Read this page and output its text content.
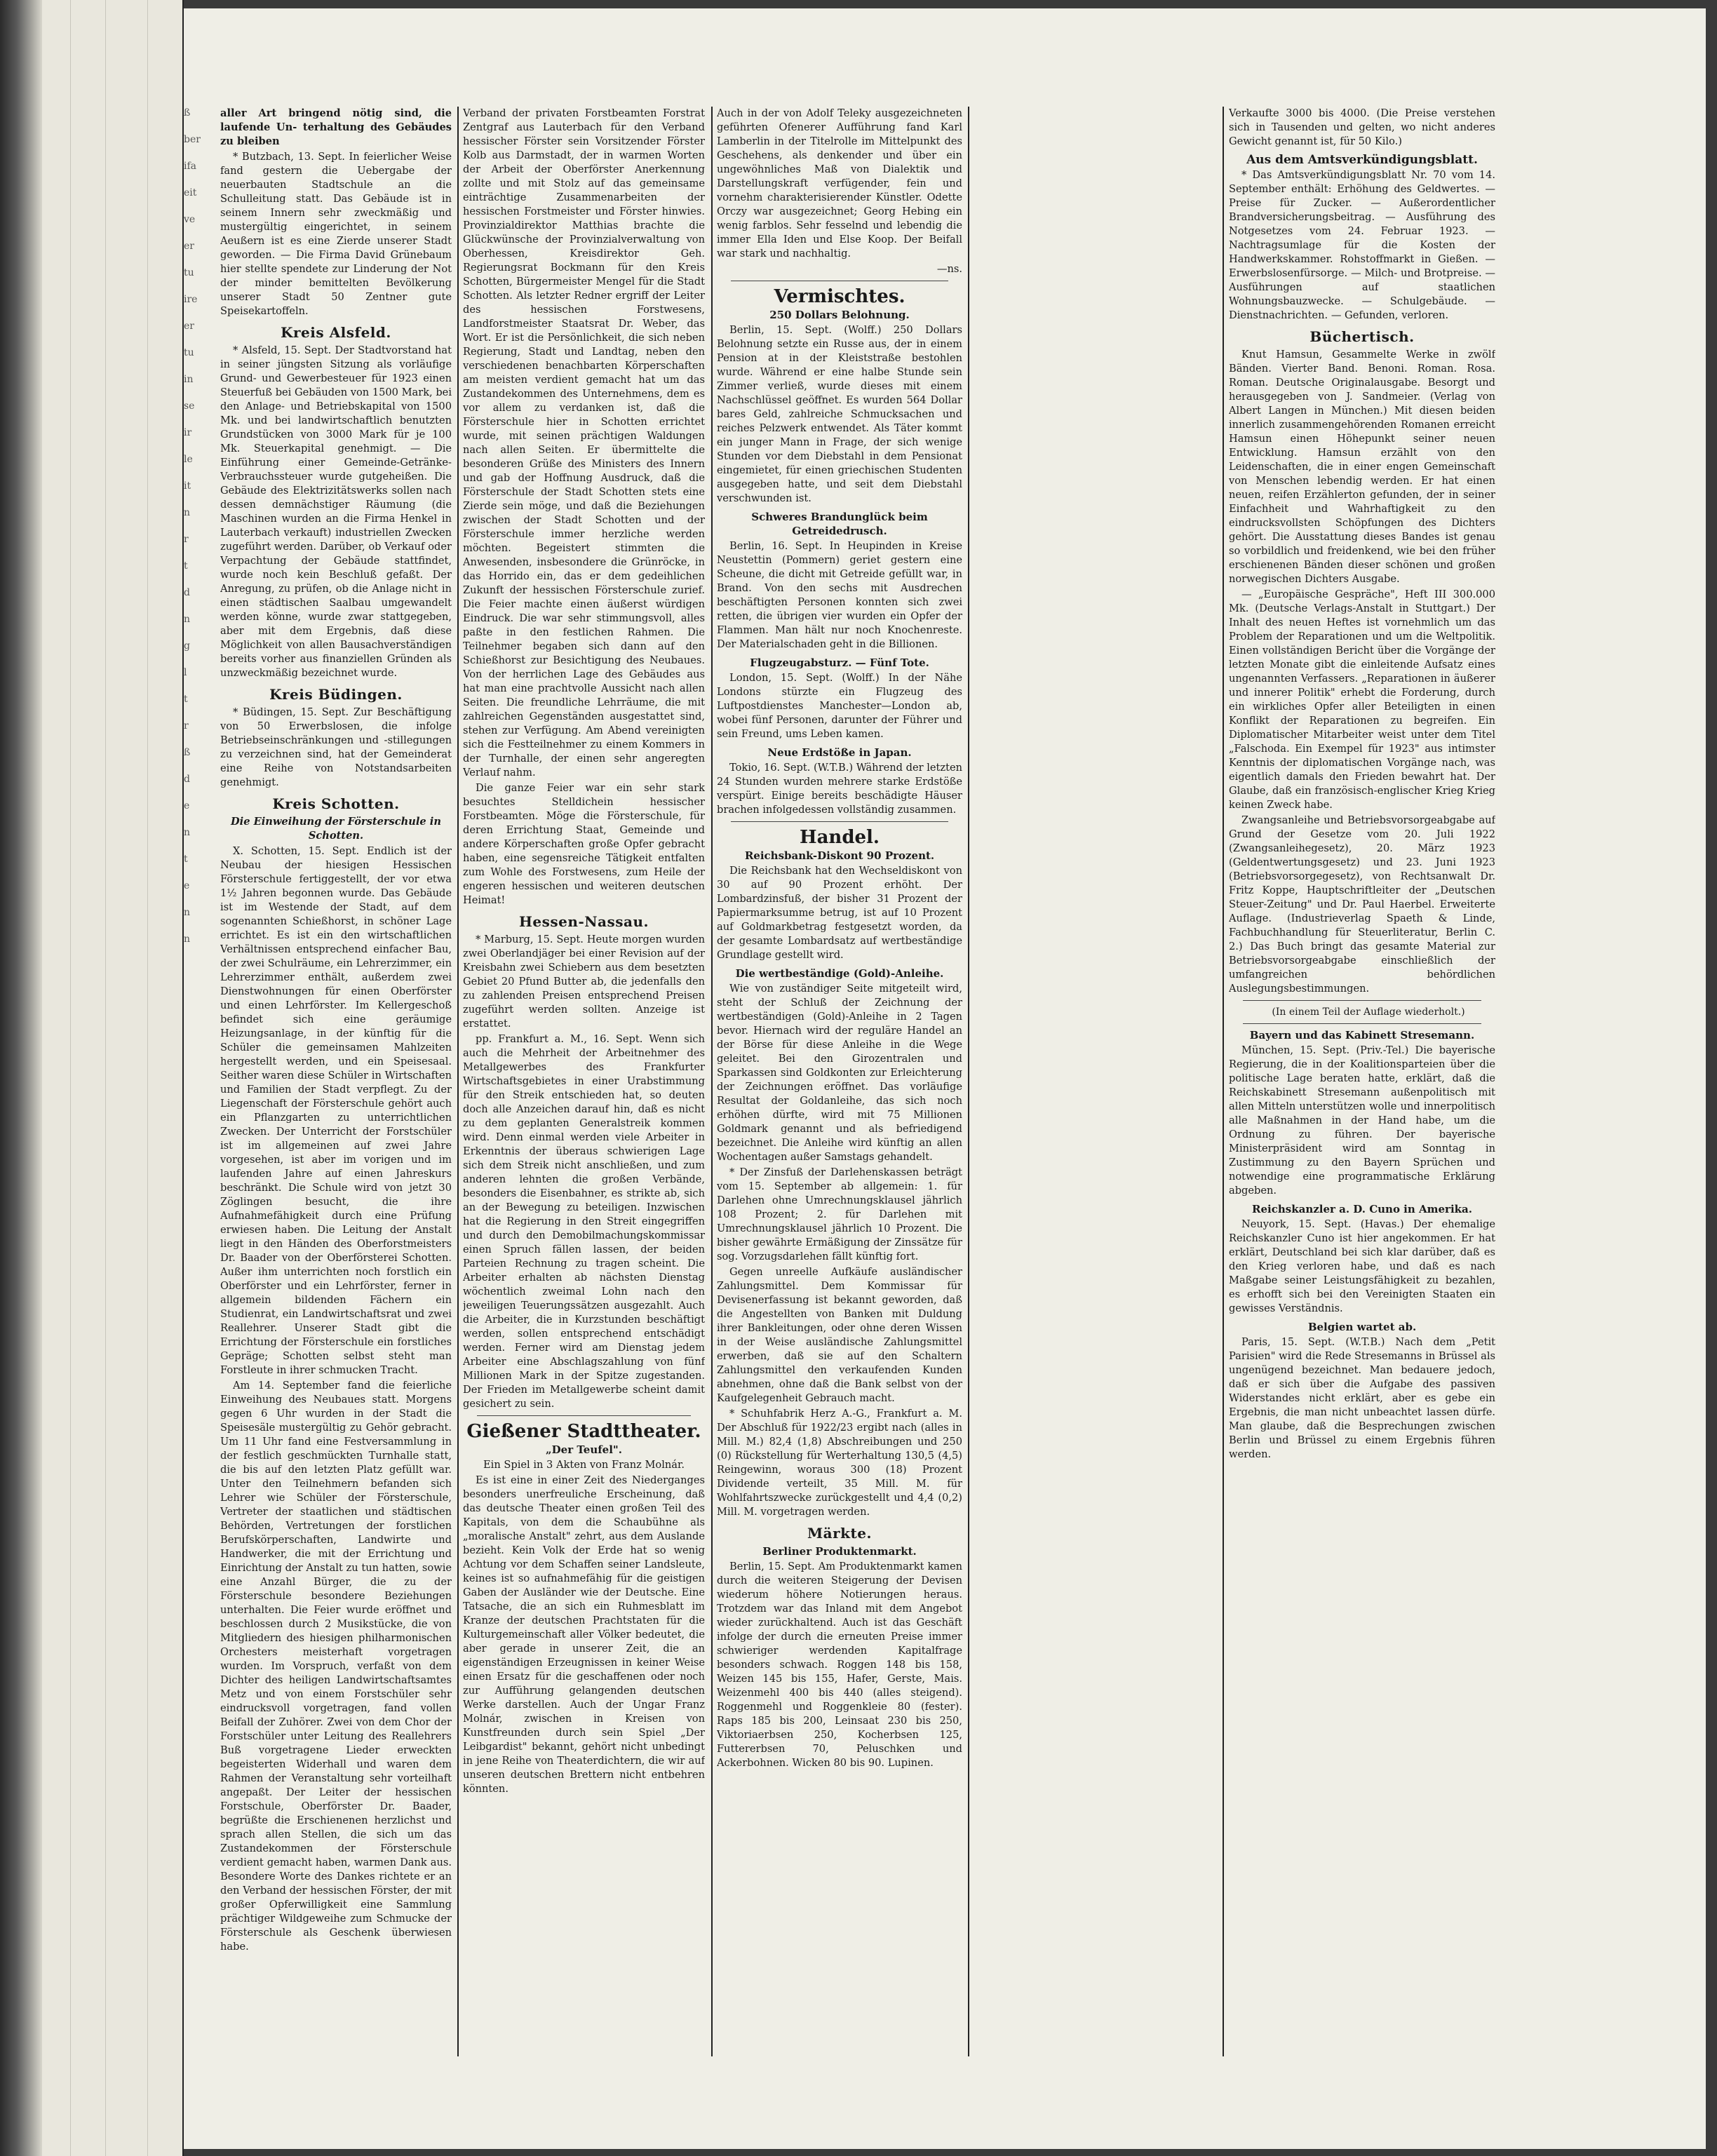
ß
ber
ifa
eit
ve
er
tu
ire
er
tu
in
se
ir
le
it
n
r
t
d
n
g
l
t
r
ß
d
e
n
t
e
n
n

aller Art bringend nötig sind, die laufende Un- terhaltung des Gebäudes zu bleiben

* Butzbach, 13. Sept. In feierlicher Weise fand gestern die Uebergabe der neuerbauten Stadtschule an die Schulleitung statt. Das Gebäude ist in seinem Innern sehr zweckmäßig und mustergültig eingerichtet, in seinem Aeußern ist es eine Zierde unserer Stadt geworden. — Die Firma David Grünebaum hier stellte spendete zur Linderung der Not der minder bemittelten Bevölkerung unserer Stadt 50 Zentner gute Speisekartoffeln.

Kreis Alsfeld.

* Alsfeld, 15. Sept. Der Stadtvorstand hat in seiner jüngsten Sitzung als vorläufige Grund- und Gewerbesteuer für 1923 einen Steuerfuß bei Gebäuden von 1500 Mark, bei den Anlage- und Betriebskapital von 1500 Mk. und bei landwirtschaftlich benutzten Grundstücken von 3000 Mark für je 100 Mk. Steuerkapital genehmigt. — Die Einführung einer Gemeinde-Getränke-Verbrauchssteuer wurde gutgeheißen. Die Gebäude des Elektrizitätswerks sollen nach dessen demnächstiger Räumung (die Maschinen wurden an die Firma Henkel in Lauterbach verkauft) industriellen Zwecken zugeführt werden. Darüber, ob Verkauf oder Verpachtung der Gebäude stattfindet, wurde noch kein Beschluß gefaßt. Der Anregung, zu prüfen, ob die Anlage nicht in einen städtischen Saalbau umgewandelt werden könne, wurde zwar stattgegeben, aber mit dem Ergebnis, daß diese Möglichkeit von allen Bausachverständigen bereits vorher aus finanziellen Gründen als unzweckmäßig bezeichnet wurde.

Kreis Büdingen.

* Büdingen, 15. Sept. Zur Beschäftigung von 50 Erwerbslosen, die infolge Betriebseinschränkungen und -stillegungen zu verzeichnen sind, hat der Gemeinderat eine Reihe von Notstandsarbeiten genehmigt.

Kreis Schotten.
Die Einweihung der Försterschule in Schotten.

X. Schotten, 15. Sept. Endlich ist der Neubau der hiesigen Hessischen Försterschule fertiggestellt, der vor etwa 1½ Jahren begonnen wurde. Das Gebäude ist im Westende der Stadt, auf dem sogenannten Schießhorst, in schöner Lage errichtet. Es ist ein den wirtschaftlichen Verhältnissen entsprechend einfacher Bau, der zwei Schulräume, ein Lehrerzimmer, ein Lehrerzimmer enthält, außerdem zwei Dienstwohnungen für einen Oberförster und einen Lehrförster. Im Kellergeschoß befindet sich eine geräumige Heizungsanlage, in der künftig für die Schüler die gemeinsamen Mahlzeiten hergestellt werden, und ein Speisesaal. Seither waren diese Schüler in Wirtschaften und Familien der Stadt verpflegt. Zu der Liegenschaft der Försterschule gehört auch ein Pflanzgarten zu unterrichtlichen Zwecken. Der Unterricht der Forstschüler ist im allgemeinen auf zwei Jahre vorgesehen, ist aber im vorigen und im laufenden Jahre auf einen Jahreskurs beschränkt. Die Schule wird von jetzt 30 Zöglingen besucht, die ihre Aufnahmefähigkeit durch eine Prüfung erwiesen haben. Die Leitung der Anstalt liegt in den Händen des Oberforstmeisters Dr. Baader von der Oberförsterei Schotten. Außer ihm unterrichten noch forstlich ein Oberförster und ein Lehrförster, ferner in allgemein bildenden Fächern ein Studienrat, ein Landwirtschaftsrat und zwei Reallehrer. Unserer Stadt gibt die Errichtung der Försterschule ein forstliches Gepräge; Schotten selbst steht man Forstleute in ihrer schmucken Tracht.

Am 14. September fand die feierliche Einweihung des Neubaues statt. Morgens gegen 6 Uhr wurden in der Stadt die Speisesäle mustergültig zu Gehör gebracht. Um 11 Uhr fand eine Festversammlung in der festlich geschmückten Turnhalle statt, die bis auf den letzten Platz gefüllt war. Unter den Teilnehmern befanden sich Lehrer wie Schüler der Försterschule, Vertreter der staatlichen und städtischen Behörden, Vertretungen der forstlichen Berufskörperschaften, Landwirte und Handwerker, die mit der Errichtung und Einrichtung der Anstalt zu tun hatten, sowie eine Anzahl Bürger, die zu der Försterschule besondere Beziehungen unterhalten. Die Feier wurde eröffnet und beschlossen durch 2 Musikstücke, die von Mitgliedern des hiesigen philharmonischen Orchesters meisterhaft vorgetragen wurden. Im Vorspruch, verfaßt von dem Dichter des heiligen Landwirtschaftsamtes Metz und von einem Forstschüler sehr eindrucksvoll vorgetragen, fand vollen Beifall der Zuhörer. Zwei von dem Chor der Forstschüler unter Leitung des Reallehrers Buß vorgetragene Lieder erweckten begeisterten Widerhall und waren dem Rahmen der Veranstaltung sehr vorteilhaft angepaßt. Der Leiter der hessischen Forstschule, Oberförster Dr. Baader, begrüßte die Erschienenen herzlichst und sprach allen Stellen, die sich um das Zustandekommen der Försterschule verdient gemacht haben, warmen Dank aus. Besondere Worte des Dankes richtete er an den Verband der hessischen Förster, der mit großer Opferwilligkeit eine Sammlung prächtiger Wildgeweihe zum Schmucke der Försterschule als Geschenk überwiesen habe.

Verband der privaten Forstbeamten Forstrat Zentgraf aus Lauterbach für den Verband hessischer Förster sein Vorsitzender Förster Kolb aus Darmstadt, der in warmen Worten der Arbeit der Oberförster Anerkennung zollte und mit Stolz auf das gemeinsame einträchtige Zusammenarbeiten der hessischen Forstmeister und Förster hinwies. Provinzialdirektor Matthias brachte die Glückwünsche der Provinzialverwaltung von Oberhessen, Kreisdirektor Geh. Regierungsrat Bockmann für den Kreis Schotten, Bürgermeister Mengel für die Stadt Schotten. Als letzter Redner ergriff der Leiter des hessischen Forstwesens, Landforstmeister Staatsrat Dr. Weber, das Wort. Er ist die Persönlichkeit, die sich neben Regierung, Stadt und Landtag, neben den verschiedenen benachbarten Körperschaften am meisten verdient gemacht hat um das Zustandekommen des Unternehmens, dem es vor allem zu verdanken ist, daß die Försterschule hier in Schotten errichtet wurde, mit seinen prächtigen Waldungen nach allen Seiten. Er übermittelte die besonderen Grüße des Ministers des Innern und gab der Hoffnung Ausdruck, daß die Försterschule der Stadt Schotten stets eine Zierde sein möge, und daß die Beziehungen zwischen der Stadt Schotten und der Försterschule immer herzliche werden möchten. Begeistert stimmten die Anwesenden, insbesondere die Grünröcke, in das Horrido ein, das er dem gedeihlichen Zukunft der hessischen Försterschule zurief. Die Feier machte einen äußerst würdigen Eindruck. Die war sehr stimmungsvoll, alles paßte in den festlichen Rahmen. Die Teilnehmer begaben sich dann auf den Schießhorst zur Besichtigung des Neubaues. Von der herrlichen Lage des Gebäudes aus hat man eine prachtvolle Aussicht nach allen Seiten. Die freundliche Lehrräume, die mit zahlreichen Gegenständen ausgestattet sind, stehen zur Verfügung. Am Abend vereinigten sich die Festteilnehmer zu einem Kommers in der Turnhalle, der einen sehr angeregten Verlauf nahm.

Die ganze Feier war ein sehr stark besuchtes Stelldichein hessischer Forstbeamten. Möge die Försterschule, für deren Errichtung Staat, Gemeinde und andere Körperschaften große Opfer gebracht haben, eine segensreiche Tätigkeit entfalten zum Wohle des Forstwesens, zum Heile der engeren hessischen und weiteren deutschen Heimat!

Hessen-Nassau.

* Marburg, 15. Sept. Heute morgen wurden zwei Oberlandjäger bei einer Revision auf der Kreisbahn zwei Schiebern aus dem besetzten Gebiet 20 Pfund Butter ab, die jedenfalls den zu zahlenden Preisen entsprechend Preisen zugeführt werden sollten. Anzeige ist erstattet.

pp. Frankfurt a. M., 16. Sept. Wenn sich auch die Mehrheit der Arbeitnehmer des Metallgewerbes des Frankfurter Wirtschaftsgebietes in einer Urabstimmung für den Streik entschieden hat, so deuten doch alle Anzeichen darauf hin, daß es nicht zu dem geplanten Generalstreik kommen wird. Denn einmal werden viele Arbeiter in Erkenntnis der überaus schwierigen Lage sich dem Streik nicht anschließen, und zum anderen lehnten die großen Verbände, besonders die Eisenbahner, es strikte ab, sich an der Bewegung zu beteiligen. Inzwischen hat die Regierung in den Streit eingegriffen und durch den Demobilmachungskommissar einen Spruch fällen lassen, der beiden Parteien Rechnung zu tragen scheint. Die Arbeiter erhalten ab nächsten Dienstag wöchentlich zweimal Lohn nach den jeweiligen Teuerungssätzen ausgezahlt. Auch die Arbeiter, die in Kurzstunden beschäftigt werden, sollen entsprechend entschädigt werden. Ferner wird am Dienstag jedem Arbeiter eine Abschlagszahlung von fünf Millionen Mark in der Spitze zugestanden. Der Frieden im Metallgewerbe scheint damit gesichert zu sein.

Gießener Stadttheater.
„Der Teufel".

Ein Spiel in 3 Akten von Franz Molnár.

Es ist eine in einer Zeit des Niederganges besonders unerfreuliche Erscheinung, daß das deutsche Theater einen großen Teil des Kapitals, von dem die Schaubühne als „moralische Anstalt" zehrt, aus dem Auslande bezieht. Kein Volk der Erde hat so wenig Achtung vor dem Schaffen seiner Landsleute, keines ist so aufnahmefähig für die geistigen Gaben der Ausländer wie der Deutsche. Eine Tatsache, die an sich ein Ruhmesblatt im Kranze der deutschen Prachtstaten für die Kulturgemeinschaft aller Völker bedeutet, die aber gerade in unserer Zeit, die an eigenständigen Erzeugnissen in keiner Weise einen Ersatz für die geschaffenen oder noch zur Aufführung gelangenden deutschen Werke darstellen. Auch der Ungar Franz Molnár, zwischen in Kreisen von Kunstfreunden durch sein Spiel „Der Leibgardist" bekannt, gehört nicht unbedingt in jene Reihe von Theaterdichtern, die wir auf unseren deutschen Brettern nicht entbehren könnten.

Auch in der von Adolf Teleky ausgezeichneten geführten Ofenerer Aufführung fand Karl Lamberlin in der Titelrolle im Mittelpunkt des Geschehens, als denkender und über ein ungewöhnliches Maß von Dialektik und Darstellungskraft verfügender, fein und vornehm charakterisierender Künstler. Odette Orczy war ausgezeichnet; Georg Hebing ein wenig farblos. Sehr fesselnd und lebendig die immer Ella Iden und Else Koop. Der Beifall war stark und nachhaltig.

—ns.

Vermischtes.
250 Dollars Belohnung.

Berlin, 15. Sept. (Wolff.) 250 Dollars Belohnung setzte ein Russe aus, der in einem Pension at in der Kleiststraße bestohlen wurde. Während er eine halbe Stunde sein Zimmer verließ, wurde dieses mit einem Nachschlüssel geöffnet. Es wurden 564 Dollar bares Geld, zahlreiche Schmucksachen und reiches Pelzwerk entwendet. Als Täter kommt ein junger Mann in Frage, der sich wenige Stunden vor dem Diebstahl in dem Pensionat eingemietet, für einen griechischen Studenten ausgegeben hatte, und seit dem Diebstahl verschwunden ist.

Schweres Brandunglück beim Getreidedrusch.

Berlin, 16. Sept. In Heupinden in Kreise Neustettin (Pommern) geriet gestern eine Scheune, die dicht mit Getreide gefüllt war, in Brand. Von den sechs mit Ausdrechen beschäftigten Personen konnten sich zwei retten, die übrigen vier wurden ein Opfer der Flammen. Man hält nur noch Knochenreste. Der Materialschaden geht in die Billionen.

Flugzeugabsturz. — Fünf Tote.

London, 15. Sept. (Wolff.) In der Nähe Londons stürzte ein Flugzeug des Luftpostdienstes Manchester—London ab, wobei fünf Personen, darunter der Führer und sein Freund, ums Leben kamen.

Neue Erdstöße in Japan.

Tokio, 16. Sept. (W.T.B.) Während der letzten 24 Stunden wurden mehrere starke Erdstöße verspürt. Einige bereits beschädigte Häuser brachen infolgedessen vollständig zusammen.

Handel.
Reichsbank-Diskont 90 Prozent.

Die Reichsbank hat den Wechseldiskont von 30 auf 90 Prozent erhöht. Der Lombardzinsfuß, der bisher 31 Prozent der Papiermarksumme betrug, ist auf 10 Prozent auf Goldmarkbetrag festgesetzt worden, da der gesamte Lombardsatz auf wertbeständige Grundlage gestellt wird.

Die wertbeständige (Gold)-Anleihe.

Wie von zuständiger Seite mitgeteilt wird, steht der Schluß der Zeichnung der wertbeständigen (Gold)-Anleihe in 2 Tagen bevor. Hiernach wird der reguläre Handel an der Börse für diese Anleihe in die Wege geleitet. Bei den Girozentralen und Sparkassen sind Goldkonten zur Erleichterung der Zeichnungen eröffnet. Das vorläufige Resultat der Goldanleihe, das sich noch erhöhen dürfte, wird mit 75 Millionen Goldmark genannt und als befriedigend bezeichnet. Die Anleihe wird künftig an allen Wochentagen außer Samstags gehandelt.

* Der Zinsfuß der Darlehenskassen beträgt vom 15. September ab allgemein: 1. für Darlehen ohne Umrechnungsklausel jährlich 108 Prozent; 2. für Darlehen mit Umrechnungsklausel jährlich 10 Prozent. Die bisher gewährte Ermäßigung der Zinssätze für sog. Vorzugsdarlehen fällt künftig fort.

Gegen unreelle Aufkäufe ausländischer Zahlungsmittel. Dem Kommissar für Devisenerfassung ist bekannt geworden, daß die Angestellten von Banken mit Duldung ihrer Bankleitungen, oder ohne deren Wissen in der Weise ausländische Zahlungsmittel erwerben, daß sie auf den Schaltern Zahlungsmittel den verkaufenden Kunden abnehmen, ohne daß die Bank selbst von der Kaufgelegenheit Gebrauch macht.

* Schuhfabrik Herz A.-G., Frankfurt a. M. Der Abschluß für 1922/23 ergibt nach (alles in Mill. M.) 82,4 (1,8) Abschreibungen und 250 (0) Rückstellung für Werterhaltung 130,5 (4,5) Reingewinn, woraus 300 (18) Prozent Dividende verteilt, 35 Mill. M. für Wohlfahrtszwecke zurückgestellt und 4,4 (0,2) Mill. M. vorgetragen werden.

Märkte.
Berliner Produktenmarkt.

Berlin, 15. Sept. Am Produktenmarkt kamen durch die weiteren Steigerung der Devisen wiederum höhere Notierungen heraus. Trotzdem war das Inland mit dem Angebot wieder zurückhaltend. Auch ist das Geschäft infolge der durch die erneuten Preise immer schwieriger werdenden Kapitalfrage besonders schwach. Roggen 148 bis 158, Weizen 145 bis 155, Hafer, Gerste, Mais. Weizenmehl 400 bis 440 (alles steigend). Roggenmehl und Roggenkleie 80 (fester). Raps 185 bis 200, Leinsaat 230 bis 250, Viktoriaerbsen 250, Kocherbsen 125, Futtererbsen 70, Peluschken und Ackerbohnen. Wicken 80 bis 90. Lupinen.

Verkaufte 3000 bis 4000. (Die Preise verstehen sich in Tausenden und gelten, wo nicht anderes Gewicht genannt ist, für 50 Kilo.)

Aus dem Amtsverkündigungsblatt.

* Das Amtsverkündigungsblatt Nr. 70 vom 14. September enthält: Erhöhung des Geldwertes. — Preise für Zucker. — Außerordentlicher Brandversicherungsbeitrag. — Ausführung des Notgesetzes vom 24. Februar 1923. — Nachtragsumlage für die Kosten der Handwerkskammer. Rohstoffmarkt in Gießen. — Erwerbslosenfürsorge. — Milch- und Brotpreise. — Ausführungen auf staatlichen Wohnungsbauzwecke. — Schulgebäude. — Dienstnachrichten. — Gefunden, verloren.

Büchertisch.

Knut Hamsun, Gesammelte Werke in zwölf Bänden. Vierter Band. Benoni. Roman. Rosa. Roman. Deutsche Originalausgabe. Besorgt und herausgegeben von J. Sandmeier. (Verlag von Albert Langen in München.) Mit diesen beiden innerlich zusammengehörenden Romanen erreicht Hamsun einen Höhepunkt seiner neuen Entwicklung. Hamsun erzählt von den Leidenschaften, die in einer engen Gemeinschaft von Menschen lebendig werden. Er hat einen neuen, reifen Erzählerton gefunden, der in seiner Einfachheit und Wahrhaftigkeit zu den eindrucksvollsten Schöpfungen des Dichters gehört. Die Ausstattung dieses Bandes ist genau so vorbildlich und freidenkend, wie bei den früher erschienenen Bänden dieser schönen und großen norwegischen Dichters Ausgabe.

— „Europäische Gespräche", Heft III 300.000 Mk. (Deutsche Verlags-Anstalt in Stuttgart.) Der Inhalt des neuen Heftes ist vornehmlich um das Problem der Reparationen und um die Weltpolitik. Einen vollständigen Bericht über die Vorgänge der letzten Monate gibt die einleitende Aufsatz eines ungenannten Verfassers. „Reparationen in äußerer und innerer Politik" erhebt die Forderung, durch ein wirkliches Opfer aller Beteiligten in einen Konflikt der Reparationen zu begreifen. Ein Diplomatischer Mitarbeiter weist unter dem Titel „Falschoda. Ein Exempel für 1923" aus intimster Kenntnis der diplomatischen Vorgänge nach, was eigentlich damals den Frieden bewahrt hat. Der Glaube, daß ein französisch-englischer Krieg Krieg keinen Zweck habe.

Zwangsanleihe und Betriebsvorsorgeabgabe auf Grund der Gesetze vom 20. Juli 1922 (Zwangsanleihegesetz), 20. März 1923 (Geldentwertungsgesetz) und 23. Juni 1923 (Betriebsvorsorgegesetz), von Rechtsanwalt Dr. Fritz Koppe, Hauptschriftleiter der „Deutschen Steuer-Zeitung" und Dr. Paul Haerbel. Erweiterte Auflage. (Industrieverlag Spaeth & Linde, Fachbuchhandlung für Steuerliteratur, Berlin C. 2.) Das Buch bringt das gesamte Material zur Betriebsvorsorgeabgabe einschließlich der umfangreichen behördlichen Auslegungsbestimmungen.

(In einem Teil der Auflage wiederholt.)

Bayern und das Kabinett Stresemann.

München, 15. Sept. (Priv.-Tel.) Die bayerische Regierung, die in der Koalitionsparteien über die politische Lage beraten hatte, erklärt, daß die Reichskabinett Stresemann außenpolitisch mit allen Mitteln unterstützen wolle und innerpolitisch alle Maßnahmen in der Hand habe, um die Ordnung zu führen. Der bayerische Ministerpräsident wird am Sonntag in Zustimmung zu den Bayern Sprüchen und notwendige eine programmatische Erklärung abgeben.

Reichskanzler a. D. Cuno in Amerika.

Neuyork, 15. Sept. (Havas.) Der ehemalige Reichskanzler Cuno ist hier angekommen. Er hat erklärt, Deutschland bei sich klar darüber, daß es den Krieg verloren habe, und daß es nach Maßgabe seiner Leistungsfähigkeit zu bezahlen, es erhofft sich bei den Vereinigten Staaten ein gewisses Verständnis.

Belgien wartet ab.

Paris, 15. Sept. (W.T.B.) Nach dem „Petit Parisien" wird die Rede Stresemanns in Brüssel als ungenügend bezeichnet. Man bedauere jedoch, daß er sich über die Aufgabe des passiven Widerstandes nicht erklärt, aber es gebe ein Ergebnis, die man nicht unbeachtet lassen dürfe. Man glaube, daß die Besprechungen zwischen Berlin und Brüssel zu einem Ergebnis führen werden.
